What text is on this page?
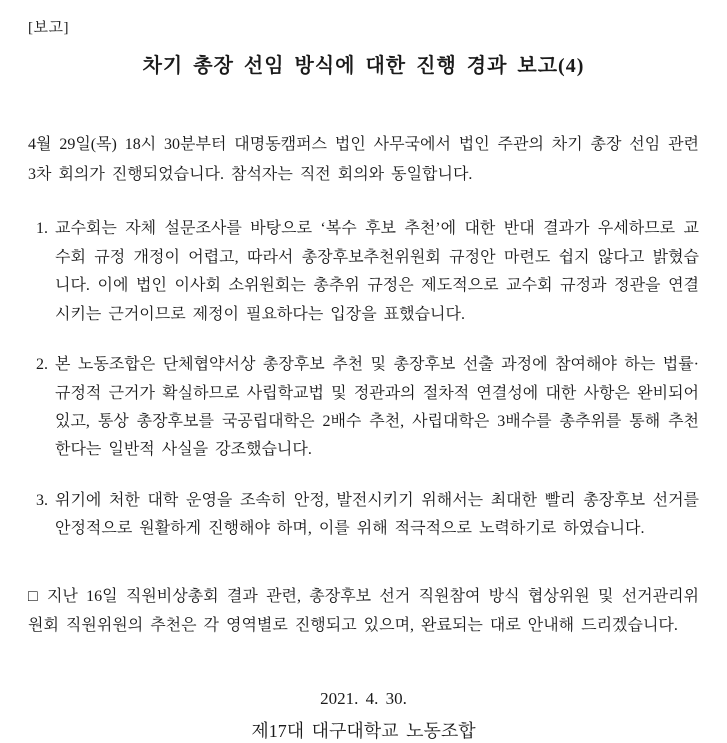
[보고]
차기 총장 선임 방식에 대한 진행 경과 보고(4)

4월 29일(목) 18시 30분부터 대명동캠퍼스 법인 사무국에서 법인 주관의 차기 총장 선임 관련 3차 회의가 진행되었습니다. 참석자는 직전 회의와 동일합니다.

1. 교수회는 자체 설문조사를 바탕으로 ‘복수 후보 추천’에 대한 반대 결과가 우세하므로 교수회 규정 개정이 어렵고, 따라서 총장후보추천위원회 규정안 마련도 쉽지 않다고 밝혔습니다. 이에 법인 이사회 소위원회는 총추위 규정은 제도적으로 교수회 규정과 정관을 연결시키는 근거이므로 제정이 필요하다는 입장을 표했습니다.
2. 본 노동조합은 단체협약서상 총장후보 추천 및 총장후보 선출 과정에 참여해야 하는 법률·규정적 근거가 확실하므로 사립학교법 및 정관과의 절차적 연결성에 대한 사항은 완비되어 있고, 통상 총장후보를 국공립대학은 2배수 추천, 사립대학은 3배수를 총추위를 통해 추천한다는 일반적 사실을 강조했습니다.
3. 위기에 처한 대학 운영을 조속히 안정, 발전시키기 위해서는 최대한 빨리 총장후보 선거를 안정적으로 원활하게 진행해야 하며, 이를 위해 적극적으로 노력하기로 하였습니다.

□ 지난 16일 직원비상총회 결과 관련, 총장후보 선거 직원참여 방식 협상위원 및 선거관리위원회 직원위원의 추천은 각 영역별로 진행되고 있으며, 완료되는 대로 안내해 드리겠습니다.

2021. 4. 30.
제17대 대구대학교 노동조합
